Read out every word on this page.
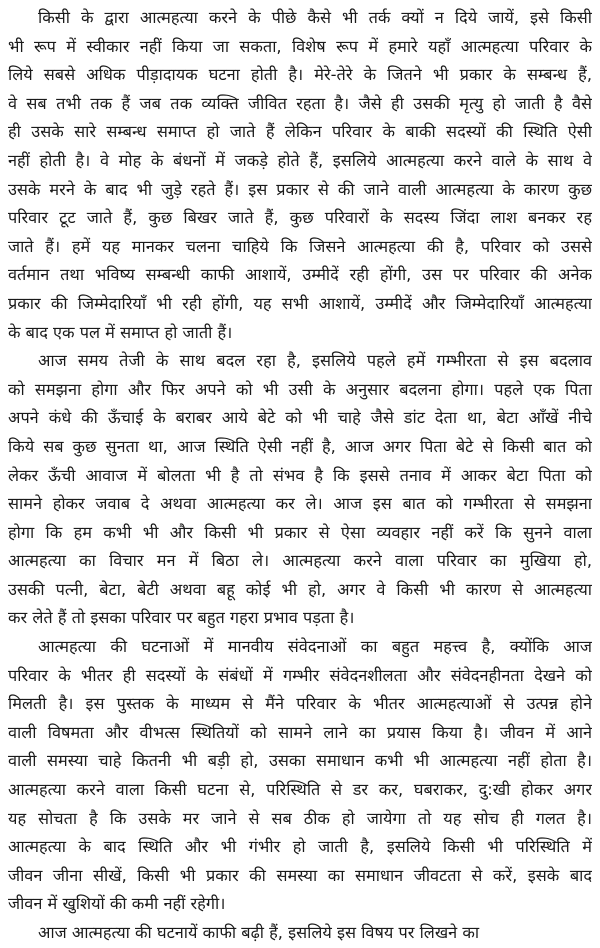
किसी के द्वारा आत्महत्या करने के पीछे कैसे भी तर्क क्यों न दिये जायें, इसे किसी
भी रूप में स्वीकार नहीं किया जा सकता, विशेष रूप में हमारे यहाँ आत्महत्या परिवार के
लिये सबसे अधिक पीड़ादायक घटना होती है। मेरे-तेरे के जितने भी प्रकार के सम्बन्ध हैं,
वे सब तभी तक हैं जब तक व्यक्ति जीवित रहता है। जैसे ही उसकी मृत्यु हो जाती है वैसे
ही उसके सारे सम्बन्ध समाप्त हो जाते हैं लेकिन परिवार के बाकी सदस्यों की स्थिति ऐसी
नहीं होती है। वे मोह के बंधनों में जकड़े होते हैं, इसलिये आत्महत्या करने वाले के साथ वे
उसके मरने के बाद भी जुड़े रहते हैं। इस प्रकार से की जाने वाली आत्महत्या के कारण कुछ
परिवार टूट जाते हैं, कुछ बिखर जाते हैं, कुछ परिवारों के सदस्य जिंदा लाश बनकर रह
जाते हैं। हमें यह मानकर चलना चाहिये कि जिसने आत्महत्या की है, परिवार को उससे
वर्तमान तथा भविष्य सम्बन्धी काफी आशायें, उम्मीदें रही होंगी, उस पर परिवार की अनेक
प्रकार की जिम्मेदारियाँ भी रही होंगी, यह सभी आशायें, उम्मीदें और जिम्मेदारियाँ आत्महत्या
के बाद एक पल में समाप्त हो जाती हैं।
आज समय तेजी के साथ बदल रहा है, इसलिये पहले हमें गम्भीरता से इस बदलाव
को समझना होगा और फिर अपने को भी उसी के अनुसार बदलना होगा। पहले एक पिता
अपने कंधे की ऊँचाई के बराबर आये बेटे को भी चाहे जैसे डांट देता था, बेटा आँखें नीचे
किये सब कुछ सुनता था, आज स्थिति ऐसी नहीं है, आज अगर पिता बेटे से किसी बात को
लेकर ऊँची आवाज में बोलता भी है तो संभव है कि इससे तनाव में आकर बेटा पिता को
सामने होकर जवाब दे अथवा आत्महत्या कर ले। आज इस बात को गम्भीरता से समझना
होगा कि हम कभी भी और किसी भी प्रकार से ऐसा व्यवहार नहीं करें कि सुनने वाला
आत्महत्या का विचार मन में बिठा ले। आत्महत्या करने वाला परिवार का मुखिया हो,
उसकी पत्नी, बेटा, बेटी अथवा बहू कोई भी हो, अगर वे किसी भी कारण से आत्महत्या
कर लेते हैं तो इसका परिवार पर बहुत गहरा प्रभाव पड़ता है।
आत्महत्या की घटनाओं में मानवीय संवेदनाओं का बहुत महत्त्व है, क्योंकि आज
परिवार के भीतर ही सदस्यों के संबंधों में गम्भीर संवेदनशीलता और संवेदनहीनता देखने को
मिलती है। इस पुस्तक के माध्यम से मैंने परिवार के भीतर आत्महत्याओं से उत्पन्न होने
वाली विषमता और वीभत्स स्थितियों को सामने लाने का प्रयास किया है। जीवन में आने
वाली समस्या चाहे कितनी भी बड़ी हो, उसका समाधान कभी भी आत्महत्या नहीं होता है।
आत्महत्या करने वाला किसी घटना से, परिस्थिति से डर कर, घबराकर, दु:खी होकर अगर
यह सोचता है कि उसके मर जाने से सब ठीक हो जायेगा तो यह सोच ही गलत है।
आत्महत्या के बाद स्थिति और भी गंभीर हो जाती है, इसलिये किसी भी परिस्थिति में
जीवन जीना सीखें, किसी भी प्रकार की समस्या का समाधान जीवटता से करें, इसके बाद
जीवन में खुशियों की कमी नहीं रहेगी।
आज आत्महत्या की घटनायें काफी बढ़ी हैं, इसलिये इस विषय पर लिखने का
